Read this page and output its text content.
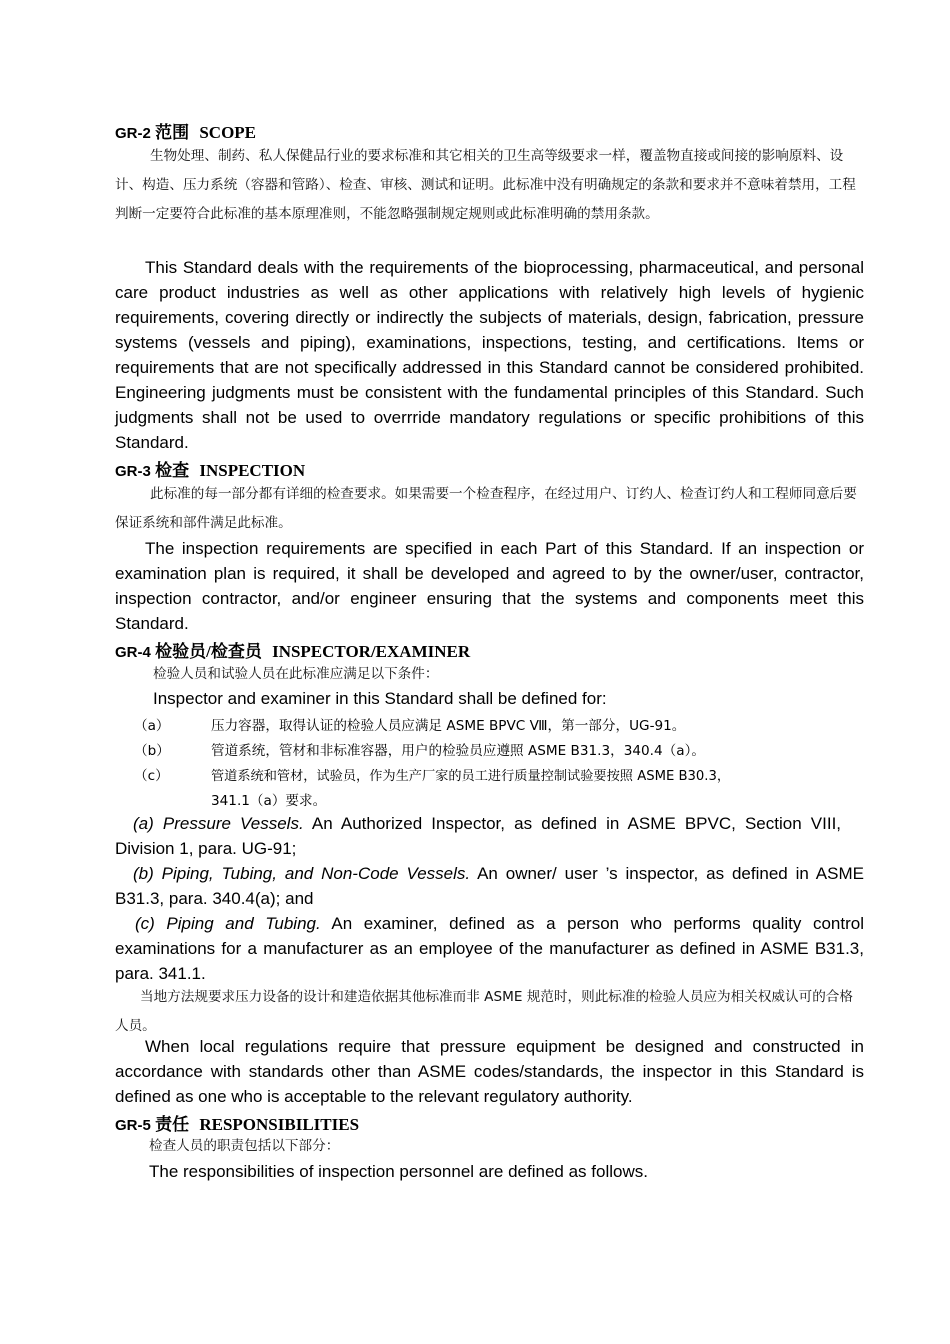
GR-2 范围 SCOPE
生物处理、制药、私人保健品行业的要求标准和其它相关的卫生高等级要求一样，覆盖物直接或间接的影响原料、设计、构造、压力系统（容器和管路）、检查、审核、测试和证明。此标准中没有明确规定的条款和要求并不意味着禁用，工程判断一定要符合此标准的基本原理准则，不能忽略强制规定规则或此标准明确的禁用条款。
This Standard deals with the requirements of the bioprocessing, pharmaceutical, and personal care product industries as well as other applications with relatively high levels of hygienic requirements, covering directly or indirectly the subjects of materials, design, fabrication, pressure systems (vessels and piping), examinations, inspections, testing, and certifications. Items or requirements that are not specifically addressed in this Standard cannot be considered prohibited. Engineering judgments must be consistent with the fundamental principles of this Standard. Such judgments shall not be used to overrride mandatory regulations or specific prohibitions of this Standard.
GR-3 检查 INSPECTION
此标准的每一部分都有详细的检查要求。如果需要一个检查程序，在经过用户、订约人、检查订约人和工程师同意后要保证系统和部件满足此标准。
The inspection requirements are specified in each Part of this Standard. If an inspection or examination plan is required, it shall be developed and agreed to by the owner/user, contractor, inspection contractor, and/or engineer ensuring that the systems and components meet this Standard.
GR-4 检验员/检查员 INSPECTOR/EXAMINER
检验人员和试验人员在此标准应满足以下条件：
Inspector and examiner in this Standard shall be defined for:
（a）	压力容器，取得认证的检验人员应满足 ASME BPVC Ⅷ，第一部分，UG-91。
（b）	管道系统，管材和非标准容器，用户的检验员应遵照 ASME B31.3，340.4（a）。
（c）	管道系统和管材，试验员，作为生产厂家的员工进行质量控制试验要按照 ASME B30.3，
341.1（a）要求。
(a) Pressure Vessels. An Authorized Inspector, as defined in ASME BPVC, Section VIII,    Division 1, para. UG-91;
(b) Piping, Tubing, and Non-Code Vessels. An owner/ user ’s inspector, as defined in ASME B31.3, para. 340.4(a); and
(c) Piping and Tubing. An examiner, defined as a person who performs quality control examinations for a manufacturer as an employee of the manufacturer as defined in ASME B31.3, para. 341.1.
当地方法规要求压力设备的设计和建造依据其他标准而非 ASME 规范时，则此标准的检验人员应为相关权威认可的合格人员。
When local regulations require that pressure equipment be designed and constructed in accordance with standards other than ASME codes/standards, the inspector in this Standard is defined as one who is acceptable to the relevant regulatory authority.
GR-5 责任 RESPONSIBILITIES
检查人员的职责包括以下部分：
The responsibilities of inspection personnel are defined as follows.
